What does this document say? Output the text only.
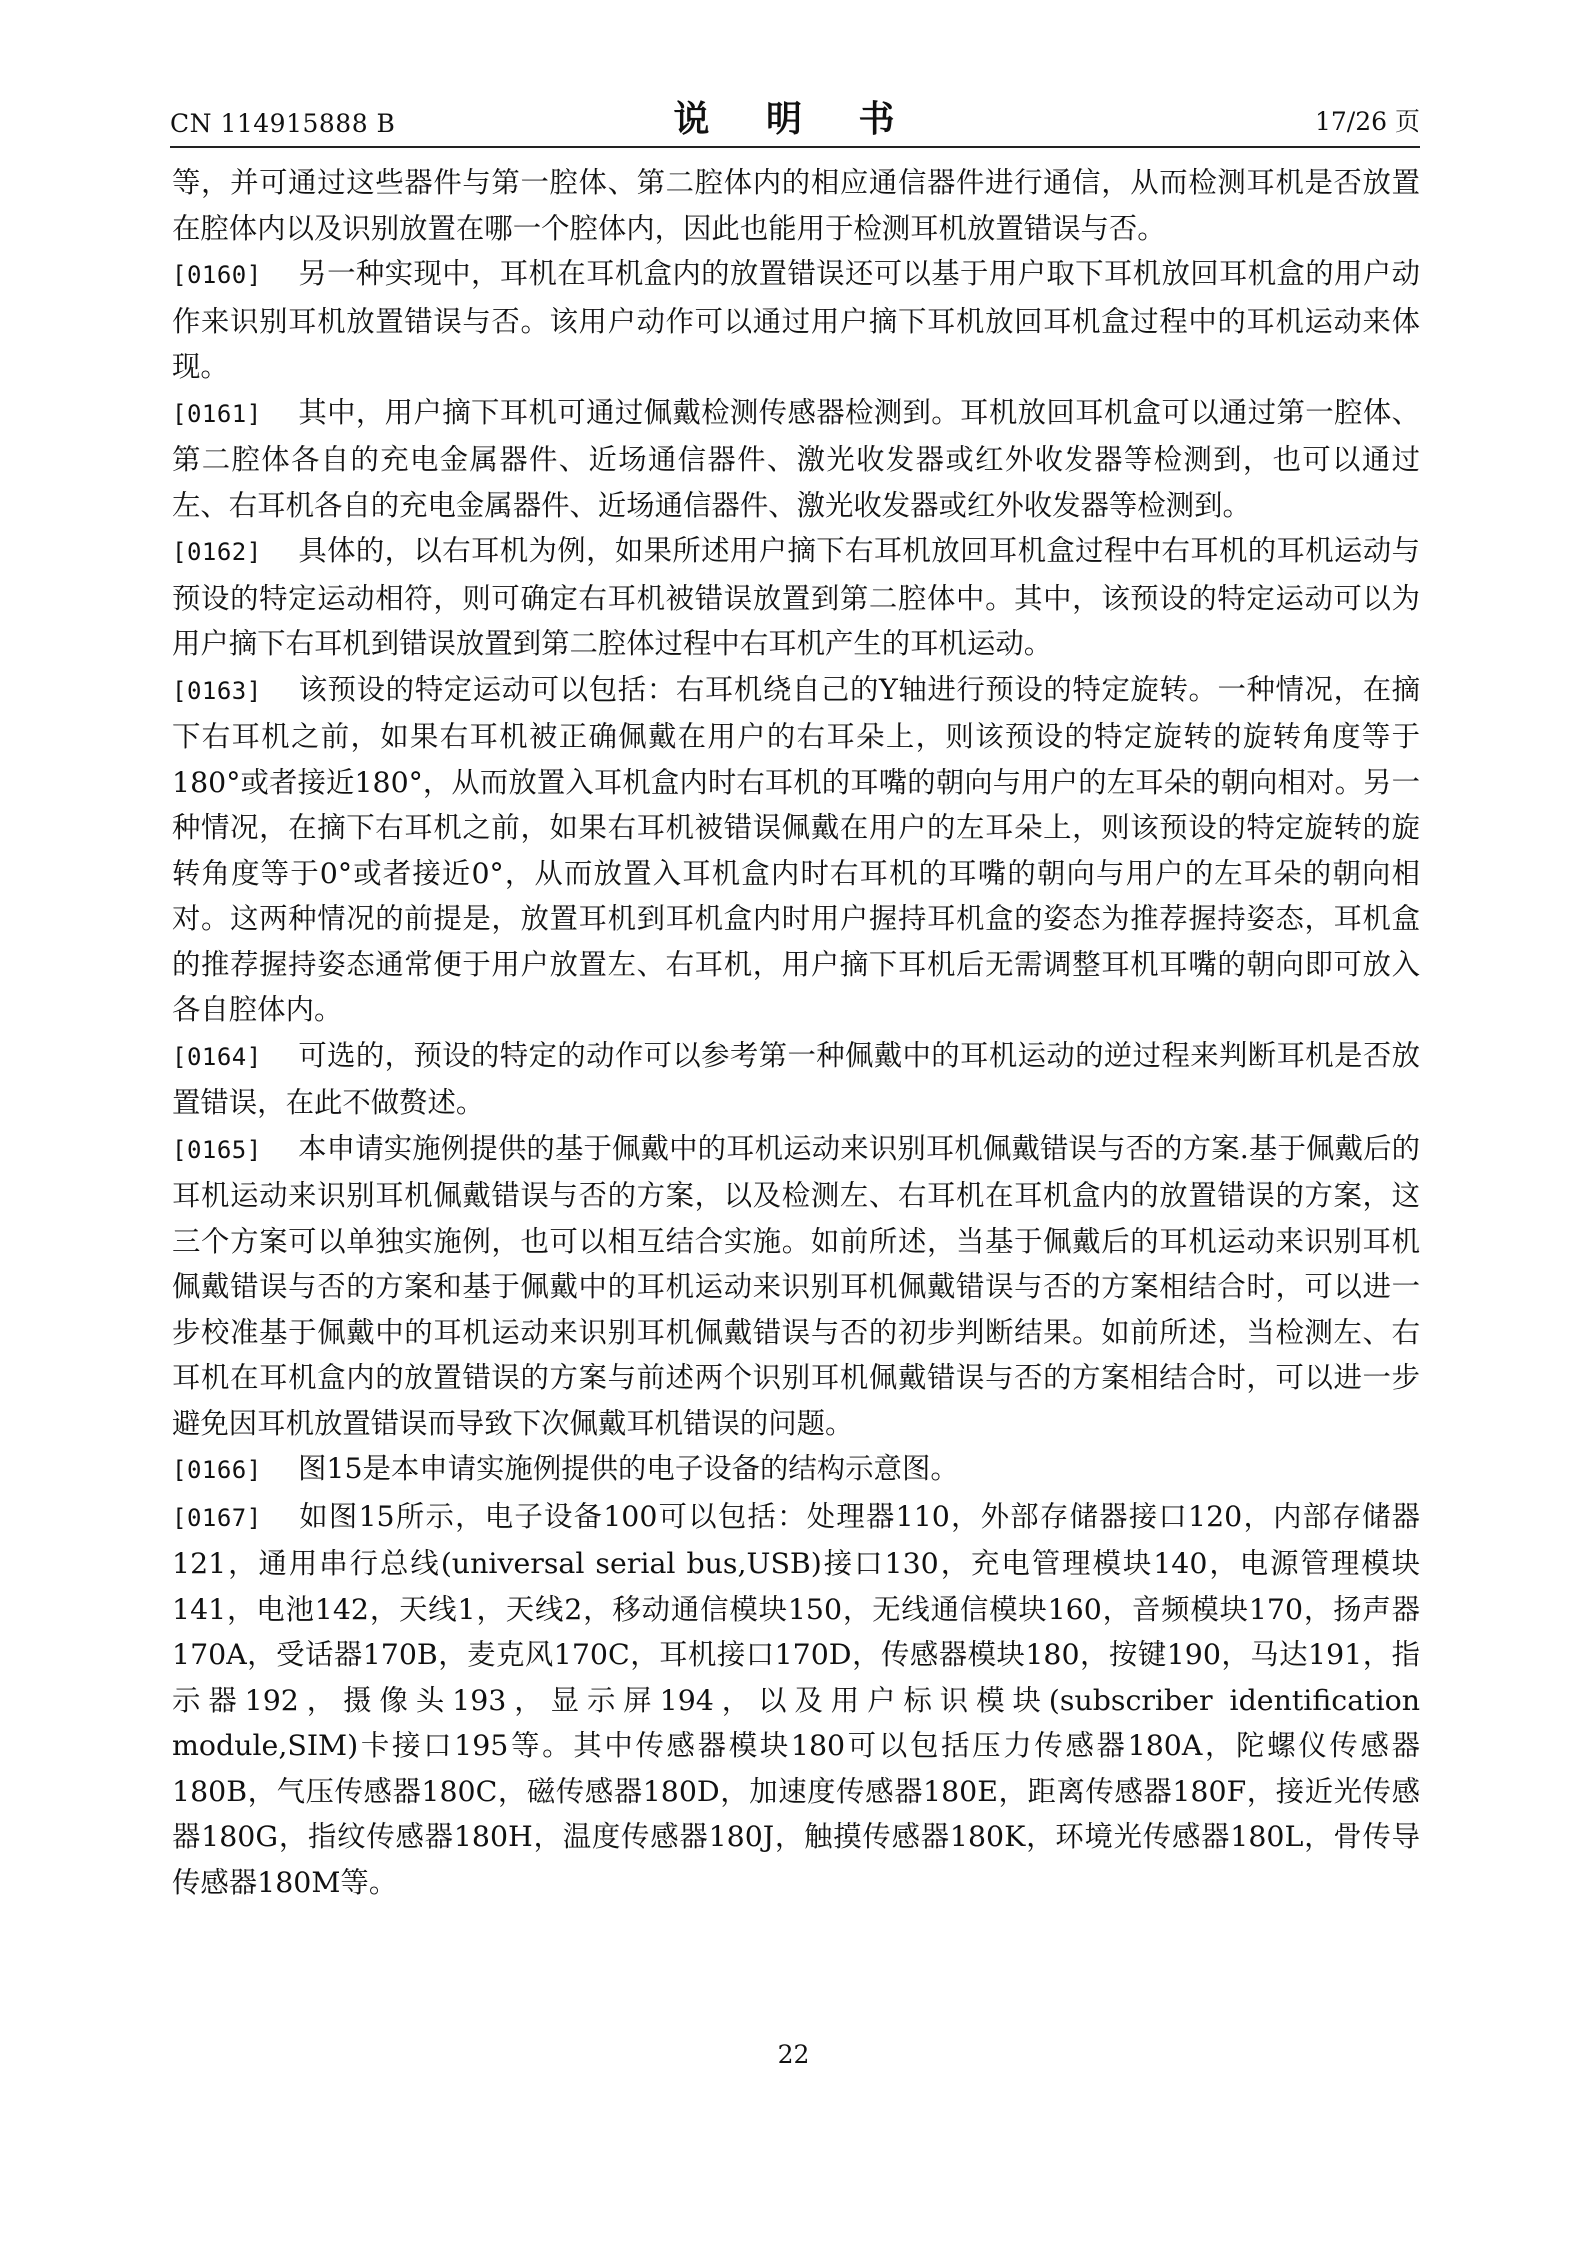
CN 114915888 B	说 明 书	17/26 页

等，并可通过这些器件与第一腔体、第二腔体内的相应通信器件进行通信，从而检测耳机是否放置在腔体内以及识别放置在哪一个腔体内，因此也能用于检测耳机放置错误与否。

[0160] 另一种实现中，耳机在耳机盒内的放置错误还可以基于用户取下耳机放回耳机盒的用户动作来识别耳机放置错误与否。该用户动作可以通过用户摘下耳机放回耳机盒过程中的耳机运动来体现。

[0161] 其中，用户摘下耳机可通过佩戴检测传感器检测到。耳机放回耳机盒可以通过第一腔体、第二腔体各自的充电金属器件、近场通信器件、激光收发器或红外收发器等检测到，也可以通过左、右耳机各自的充电金属器件、近场通信器件、激光收发器或红外收发器等检测到。

[0162] 具体的，以右耳机为例，如果所述用户摘下右耳机放回耳机盒过程中右耳机的耳机运动与预设的特定运动相符，则可确定右耳机被错误放置到第二腔体中。其中，该预设的特定运动可以为用户摘下右耳机到错误放置到第二腔体过程中右耳机产生的耳机运动。

[0163] 该预设的特定运动可以包括：右耳机绕自己的Y轴进行预设的特定旋转。一种情况，在摘下右耳机之前，如果右耳机被正确佩戴在用户的右耳朵上，则该预设的特定旋转的旋转角度等于180°或者接近180°，从而放置入耳机盒内时右耳机的耳嘴的朝向与用户的左耳朵的朝向相对。另一种情况，在摘下右耳机之前，如果右耳机被错误佩戴在用户的左耳朵上，则该预设的特定旋转的旋转角度等于0°或者接近0°，从而放置入耳机盒内时右耳机的耳嘴的朝向与用户的左耳朵的朝向相对。这两种情况的前提是，放置耳机到耳机盒内时用户握持耳机盒的姿态为推荐握持姿态，耳机盒的推荐握持姿态通常便于用户放置左、右耳机，用户摘下耳机后无需调整耳机耳嘴的朝向即可放入各自腔体内。

[0164] 可选的，预设的特定的动作可以参考第一种佩戴中的耳机运动的逆过程来判断耳机是否放置错误，在此不做赘述。

[0165] 本申请实施例提供的基于佩戴中的耳机运动来识别耳机佩戴错误与否的方案.基于佩戴后的耳机运动来识别耳机佩戴错误与否的方案，以及检测左、右耳机在耳机盒内的放置错误的方案，这三个方案可以单独实施例，也可以相互结合实施。如前所述，当基于佩戴后的耳机运动来识别耳机佩戴错误与否的方案和基于佩戴中的耳机运动来识别耳机佩戴错误与否的方案相结合时，可以进一步校准基于佩戴中的耳机运动来识别耳机佩戴错误与否的初步判断结果。如前所述，当检测左、右耳机在耳机盒内的放置错误的方案与前述两个识别耳机佩戴错误与否的方案相结合时，可以进一步避免因耳机放置错误而导致下次佩戴耳机错误的问题。

[0166] 图15是本申请实施例提供的电子设备的结构示意图。

[0167] 如图15所示，电子设备100可以包括：处理器110，外部存储器接口120，内部存储器121，通用串行总线(universal serial bus,USB)接口130，充电管理模块140，电源管理模块141，电池142，天线1，天线2，移动通信模块150，无线通信模块160，音频模块170，扬声器170A，受话器170B，麦克风170C，耳机接口170D，传感器模块180，按键190，马达191，指示器192，摄像头193，显示屏194，以及用户标识模块(subscriber identification module,SIM)卡接口195等。其中传感器模块180可以包括压力传感器180A，陀螺仪传感器180B，气压传感器180C，磁传感器180D，加速度传感器180E，距离传感器180F，接近光传感器180G，指纹传感器180H，温度传感器180J，触摸传感器180K，环境光传感器180L，骨传导传感器180M等。

22
